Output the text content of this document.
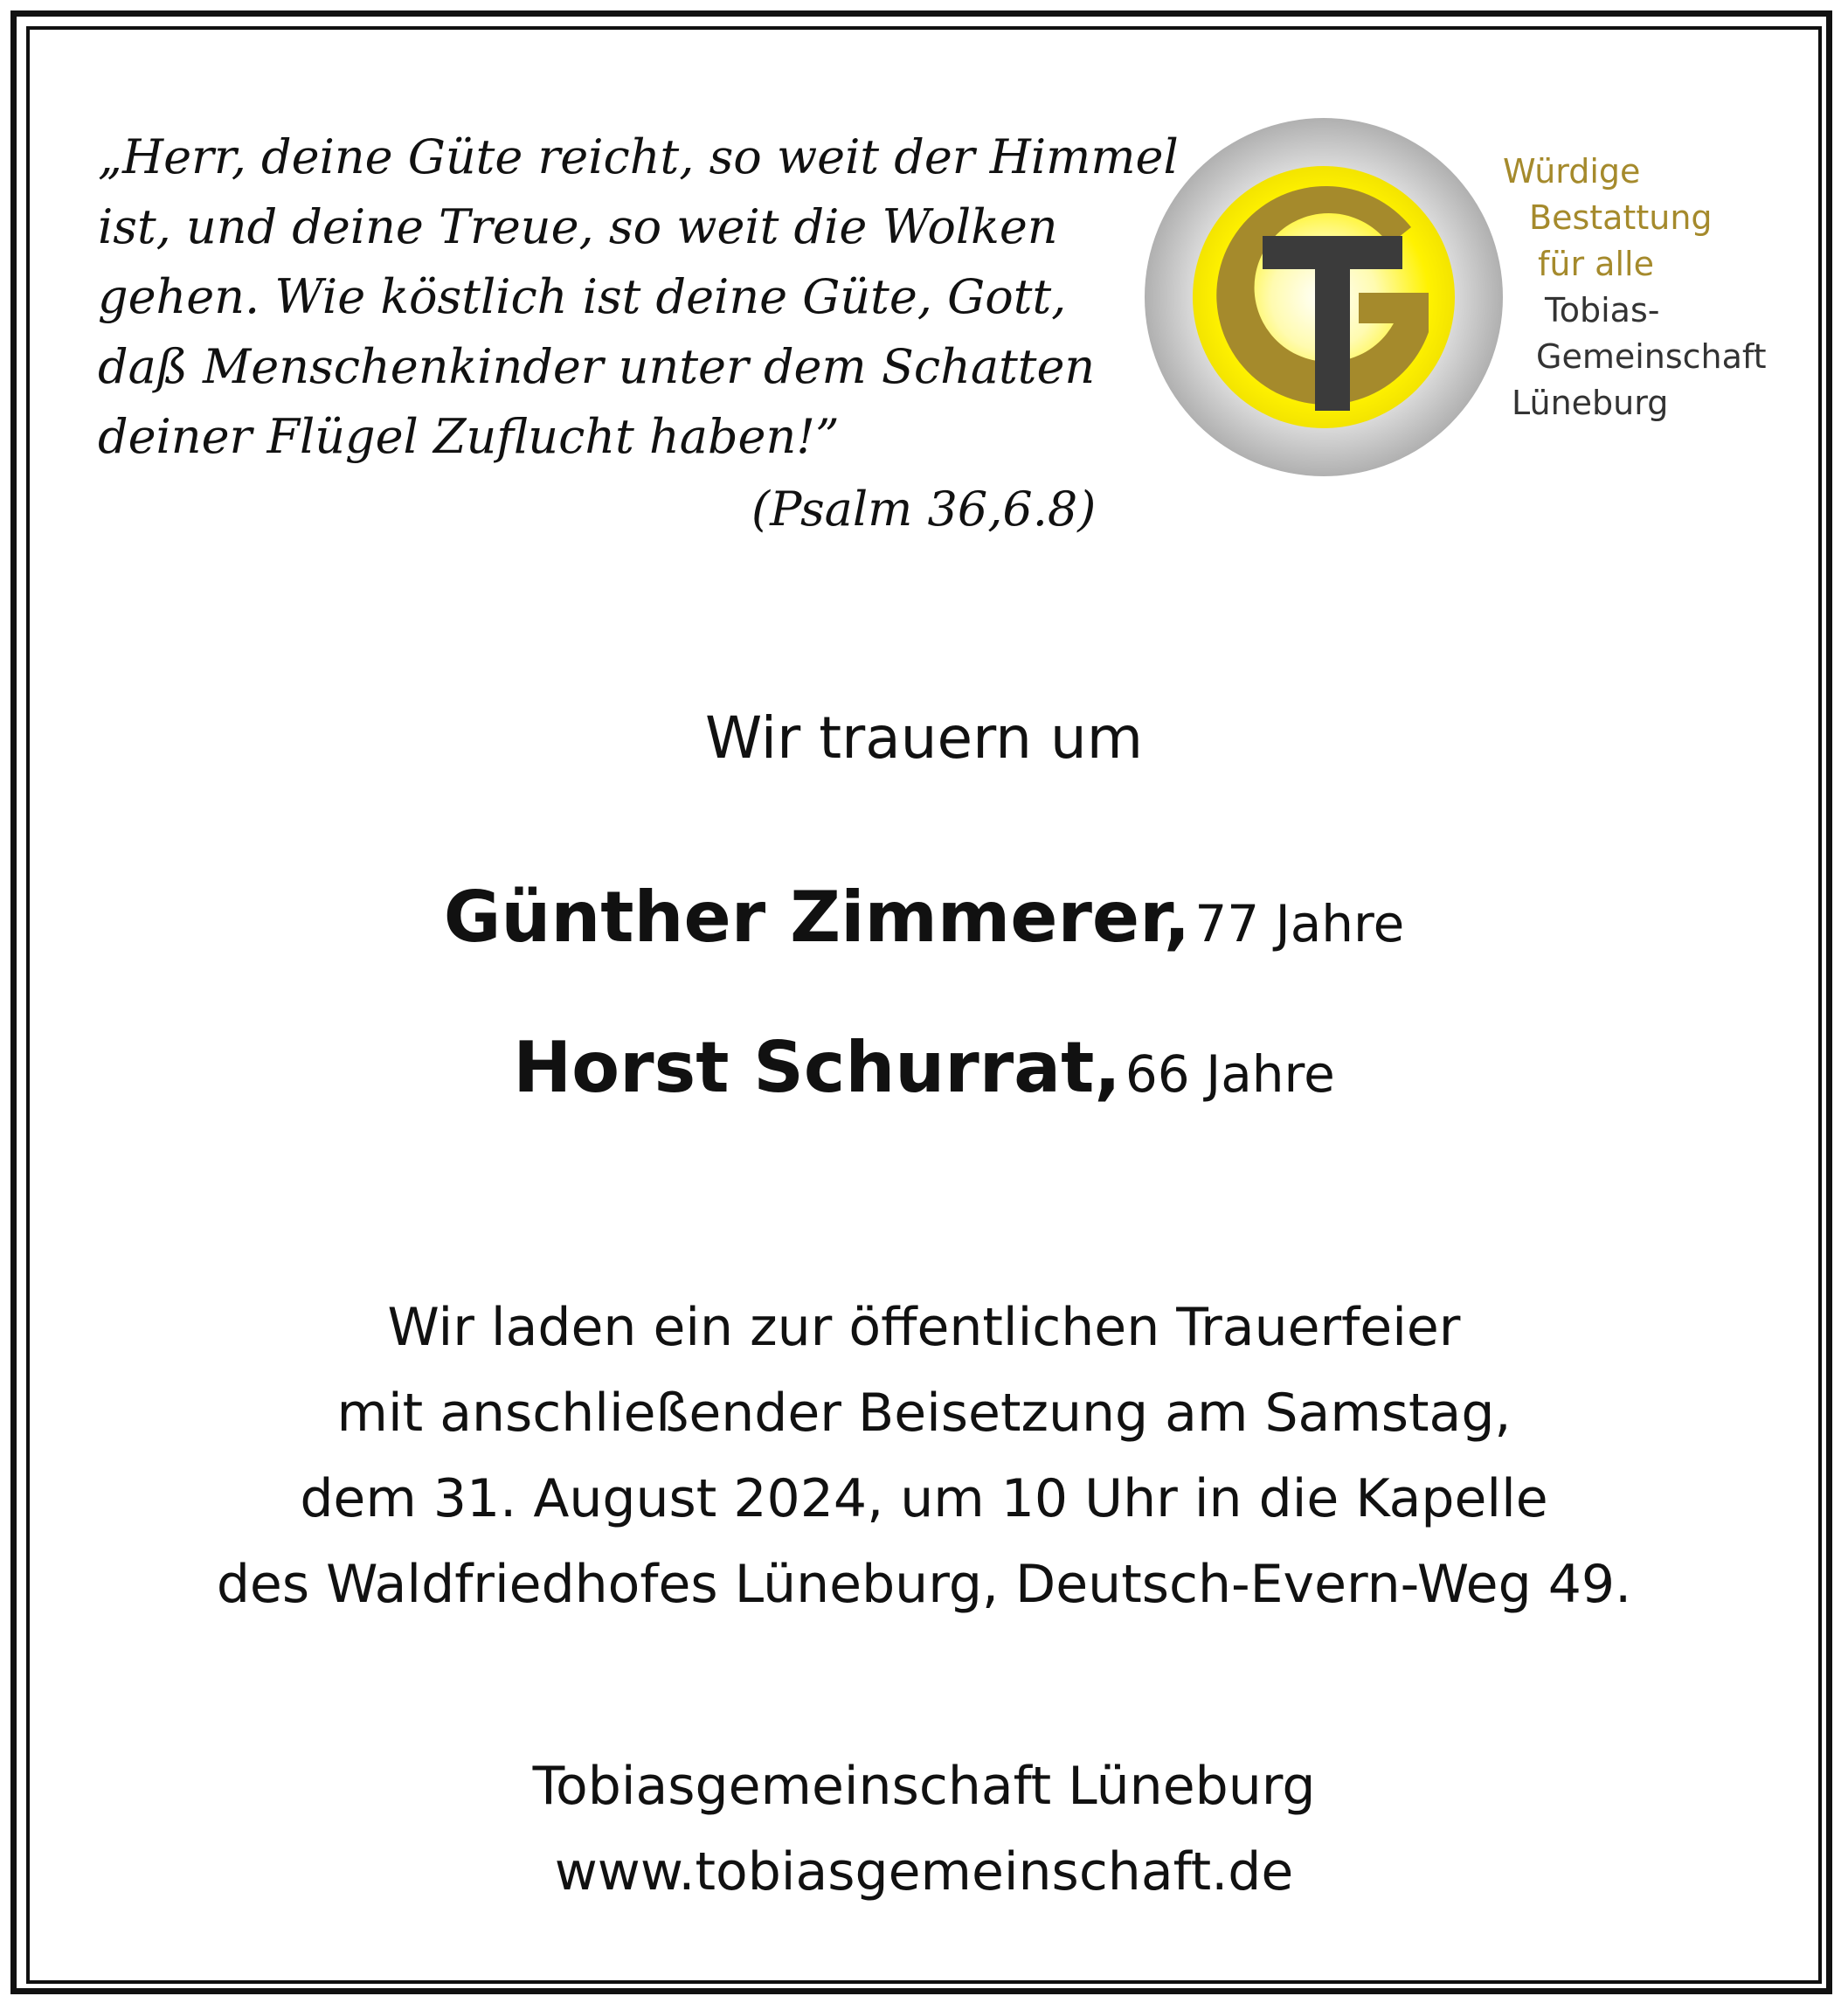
„Herr, deine Güte reicht, so weit der Himmel
ist, und deine Treue, so weit die Wolken
gehen. Wie köstlich ist deine Güte, Gott,
daß Menschenkinder unter dem Schatten
deiner Flügel Zuflucht haben!”
(Psalm 36,6.8)
Würdige
Bestattung
für alle
Tobias-
Gemeinschaft
Lüneburg
Wir trauern um
Günther Zimmerer, 77 Jahre
Horst Schurrat, 66 Jahre
Wir laden ein zur öffentlichen Trauerfeier
mit anschließender Beisetzung am Samstag,
dem 31. August 2024, um 10 Uhr in die Kapelle
des Waldfriedhofes Lüneburg, Deutsch-Evern-Weg 49.
Tobiasgemeinschaft Lüneburg
www.tobiasgemeinschaft.de
